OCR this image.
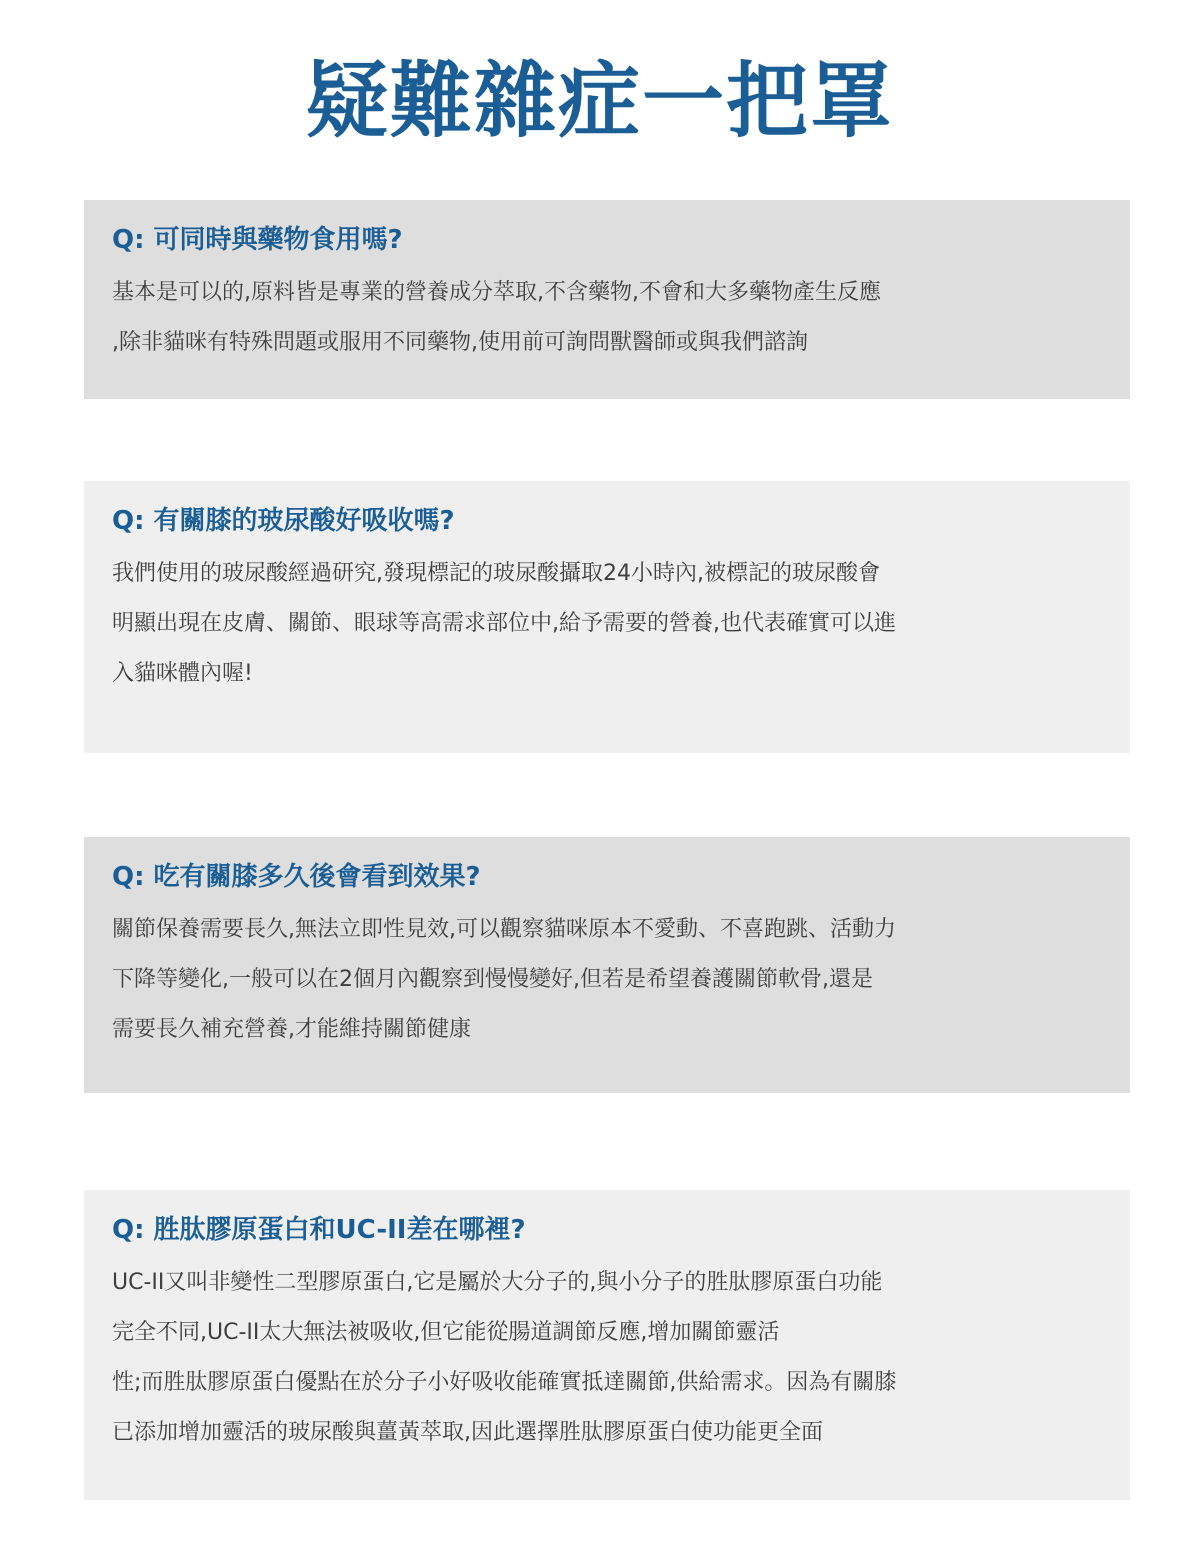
疑難雜症一把罩
Q: 可同時與藥物食用嗎?

基本是可以的,原料皆是專業的營養成分萃取,不含藥物,不會和大多藥物產生反應
,除非貓咪有特殊問題或服用不同藥物,使用前可詢問獸醫師或與我們諮詢

Q: 有關膝的玻尿酸好吸收嗎?

我們使用的玻尿酸經過研究,發現標記的玻尿酸攝取24小時內,被標記的玻尿酸會
明顯出現在皮膚、關節、眼球等高需求部位中,給予需要的營養,也代表確實可以進
入貓咪體內喔!

Q: 吃有關膝多久後會看到效果?

關節保養需要長久,無法立即性見效,可以觀察貓咪原本不愛動、不喜跑跳、活動力
下降等變化,一般可以在2個月內觀察到慢慢變好,但若是希望養護關節軟骨,還是
需要長久補充營養,才能維持關節健康

Q: 胜肽膠原蛋白和UC-II差在哪裡?

UC-II又叫非變性二型膠原蛋白,它是屬於大分子的,與小分子的胜肽膠原蛋白功能
完全不同,UC-II太大無法被吸收,但它能從腸道調節反應,增加關節靈活
性;而胜肽膠原蛋白優點在於分子小好吸收能確實抵達關節,供給需求。因為有關膝
已添加增加靈活的玻尿酸與薑黃萃取,因此選擇胜肽膠原蛋白使功能更全面
